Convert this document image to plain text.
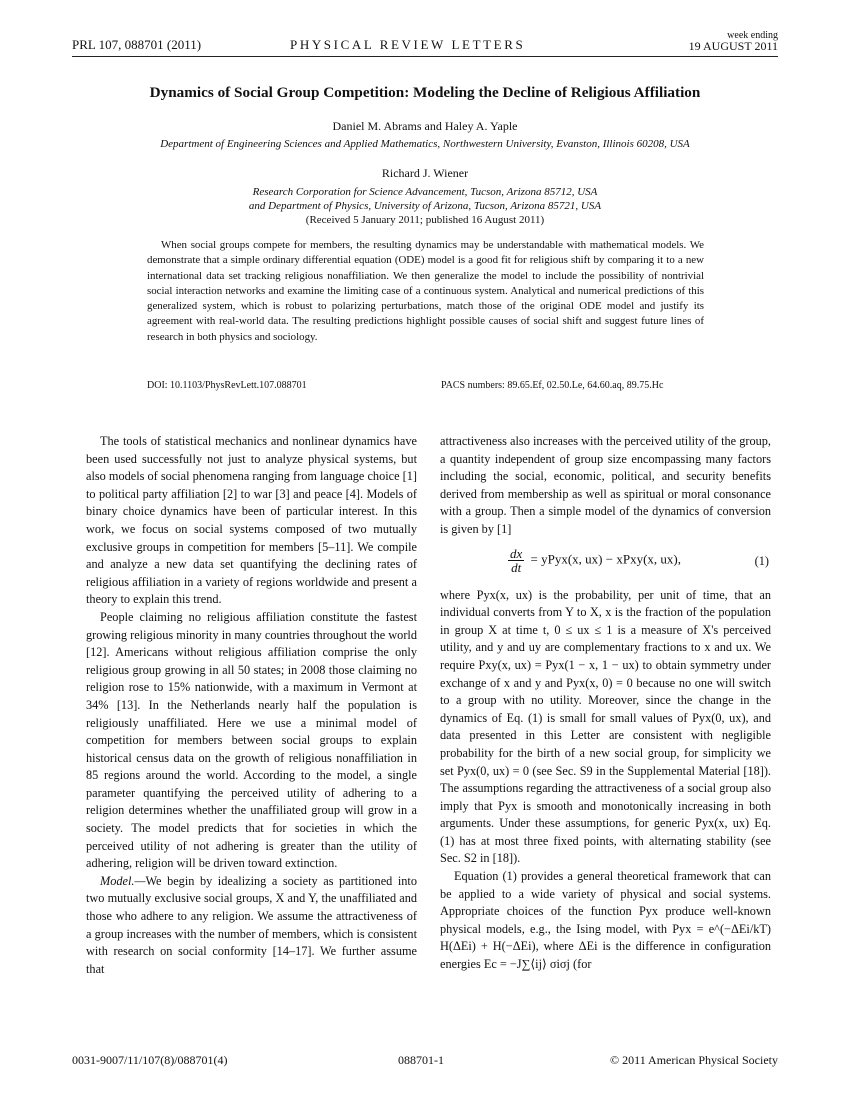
PRL 107, 088701 (2011)	PHYSICAL REVIEW LETTERS
week ending
19 AUGUST 2011
Dynamics of Social Group Competition: Modeling the Decline of Religious Affiliation
Daniel M. Abrams and Haley A. Yaple
Department of Engineering Sciences and Applied Mathematics, Northwestern University, Evanston, Illinois 60208, USA
Richard J. Wiener
Research Corporation for Science Advancement, Tucson, Arizona 85712, USA
and Department of Physics, University of Arizona, Tucson, Arizona 85721, USA
(Received 5 January 2011; published 16 August 2011)

When social groups compete for members, the resulting dynamics may be understandable with mathematical models. We demonstrate that a simple ordinary differential equation (ODE) model is a good fit for religious shift by comparing it to a new international data set tracking religious nonaffiliation. We then generalize the model to include the possibility of nontrivial social interaction networks and examine the limiting case of a continuous system. Analytical and numerical predictions of this generalized system, which is robust to polarizing perturbations, match those of the original ODE model and justify its agreement with real-world data. The resulting predictions highlight possible causes of social shift and suggest future lines of research in both physics and sociology.

DOI: 10.1103/PhysRevLett.107.088701	PACS numbers: 89.65.Ef, 02.50.Le, 64.60.aq, 89.75.Hc

The tools of statistical mechanics and nonlinear dynamics have been used successfully not just to analyze physical systems, but also models of social phenomena ranging from language choice [1] to political party affiliation [2] to war [3] and peace [4]. Models of binary choice dynamics have been of particular interest. In this work, we focus on social systems composed of two mutually exclusive groups in competition for members [5–11]. We compile and analyze a new data set quantifying the declining rates of religious affiliation in a variety of regions worldwide and present a theory to explain this trend.

People claiming no religious affiliation constitute the fastest growing religious minority in many countries throughout the world [12]. Americans without religious affiliation comprise the only religious group growing in all 50 states; in 2008 those claiming no religion rose to 15% nationwide, with a maximum in Vermont at 34% [13]. In the Netherlands nearly half the population is religiously unaffiliated. Here we use a minimal model of competition for members between social groups to explain historical census data on the growth of religious nonaffiliation in 85 regions around the world. According to the model, a single parameter quantifying the perceived utility of adhering to a religion determines whether the unaffiliated group will grow in a society. The model predicts that for societies in which the perceived utility of not adhering is greater than the utility of adhering, religion will be driven toward extinction.

Model.—We begin by idealizing a society as partitioned into two mutually exclusive social groups, X and Y, the unaffiliated and those who adhere to any religion. We assume the attractiveness of a group increases with the number of members, which is consistent with research on social conformity [14–17]. We further assume that

attractiveness also increases with the perceived utility of the group, a quantity independent of group size encompassing many factors including the social, economic, political, and security benefits derived from membership as well as spiritual or moral consonance with a group. Then a simple model of the dynamics of conversion is given by [1]

$\frac{dx}{dt}$ = yPyx(x, ux) − xPxy(x, ux),	(1)

where Pyx(x, ux) is the probability, per unit of time, that an individual converts from Y to X, x is the fraction of the population in group X at time t, 0 ≤ ux ≤ 1 is a measure of X's perceived utility, and y and uy are complementary fractions to x and ux. We require Pxy(x, ux) = Pyx(1 − x, 1 − ux) to obtain symmetry under exchange of x and y and Pyx(x, 0) = 0 because no one will switch to a group with no utility. Moreover, since the change in the dynamics of Eq. (1) is small for small values of Pyx(0, ux), and data presented in this Letter are consistent with negligible probability for the birth of a new social group, for simplicity we set Pyx(0, ux) = 0 (see Sec. S9 in the Supplemental Material [18]). The assumptions regarding the attractiveness of a social group also imply that Pyx is smooth and monotonically increasing in both arguments. Under these assumptions, for generic Pyx(x, ux) Eq. (1) has at most three fixed points, with alternating stability (see Sec. S2 in [18]).

Equation (1) provides a general theoretical framework that can be applied to a wide variety of physical and social systems. Appropriate choices of the function Pyx produce well-known physical models, e.g., the Ising model, with Pyx = e^(−ΔEi/kT) H(ΔEi) + H(−ΔEi), where ΔEi is the difference in configuration energies Ec = −J∑⟨ij⟩ σiσj (for

0031-9007/11/107(8)/088701(4)	088701-1	© 2011 American Physical Society
